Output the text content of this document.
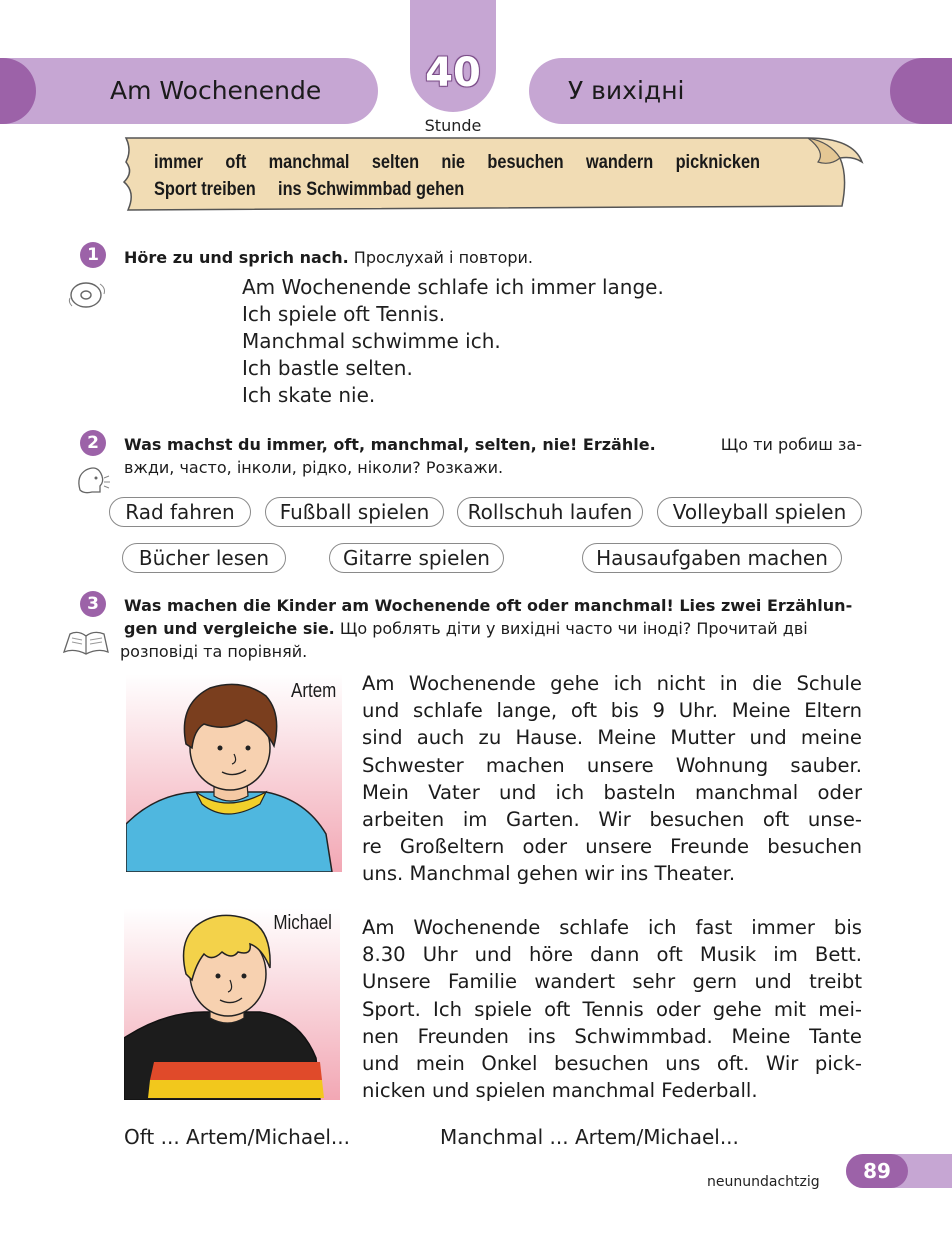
Am Wochenende	У вихідні
40
Stunde
immer oft manchmal selten nie besuchen wandern picknicken
Sport treiben ins Schwimmbad gehen
1	Höre zu und sprich nach. Прослухай і повтори.
Am Wochenende schlafe ich immer lange.
Ich spiele oft Tennis.
Manchmal schwimme ich.
Ich bastle selten.
Ich skate nie.
2	Was machst du immer, oft, manchmal, selten, nie! Erzähle.	Що ти робиш за-
вжди, часто, інколи, рідко, ніколи? Розкажи.
Rad fahren	Fußball spielen	Rollschuh laufen	Volleyball spielen
Bücher lesen	Gitarre spielen	Hausaufgaben machen
3	Was machen die Kinder am Wochenende oft oder manchmal! Lies zwei Erzählun-
gen und vergleiche sie. Що роблять діти у вихідні часто чи іноді? Прочитай дві
розповіді та порівняй.
Artem Am Wochenende gehe ich nicht in die Schule
und schlafe lange, oft bis 9 Uhr. Meine Eltern
sind auch zu Hause. Meine Mutter und meine
Schwester machen unsere Wohnung sauber.
Mein Vater und ich basteln manchmal oder
arbeiten im Garten. Wir besuchen oft unse-
re Großeltern oder unsere Freunde besuchen
uns. Manchmal gehen wir ins Theater.
Michael Am Wochenende schlafe ich fast immer bis
8.30 Uhr und höre dann oft Musik im Bett.
Unsere Familie wandert sehr gern und treibt
Sport. Ich spiele oft Tennis oder gehe mit mei-
nen Freunden ins Schwimmbad. Meine Tante
und mein Onkel besuchen uns oft. Wir pick-
nicken und spielen manchmal Federball.
Oft ... Artem/Michael...	Manchmal ... Artem/Michael...
neunundachtzig	89
